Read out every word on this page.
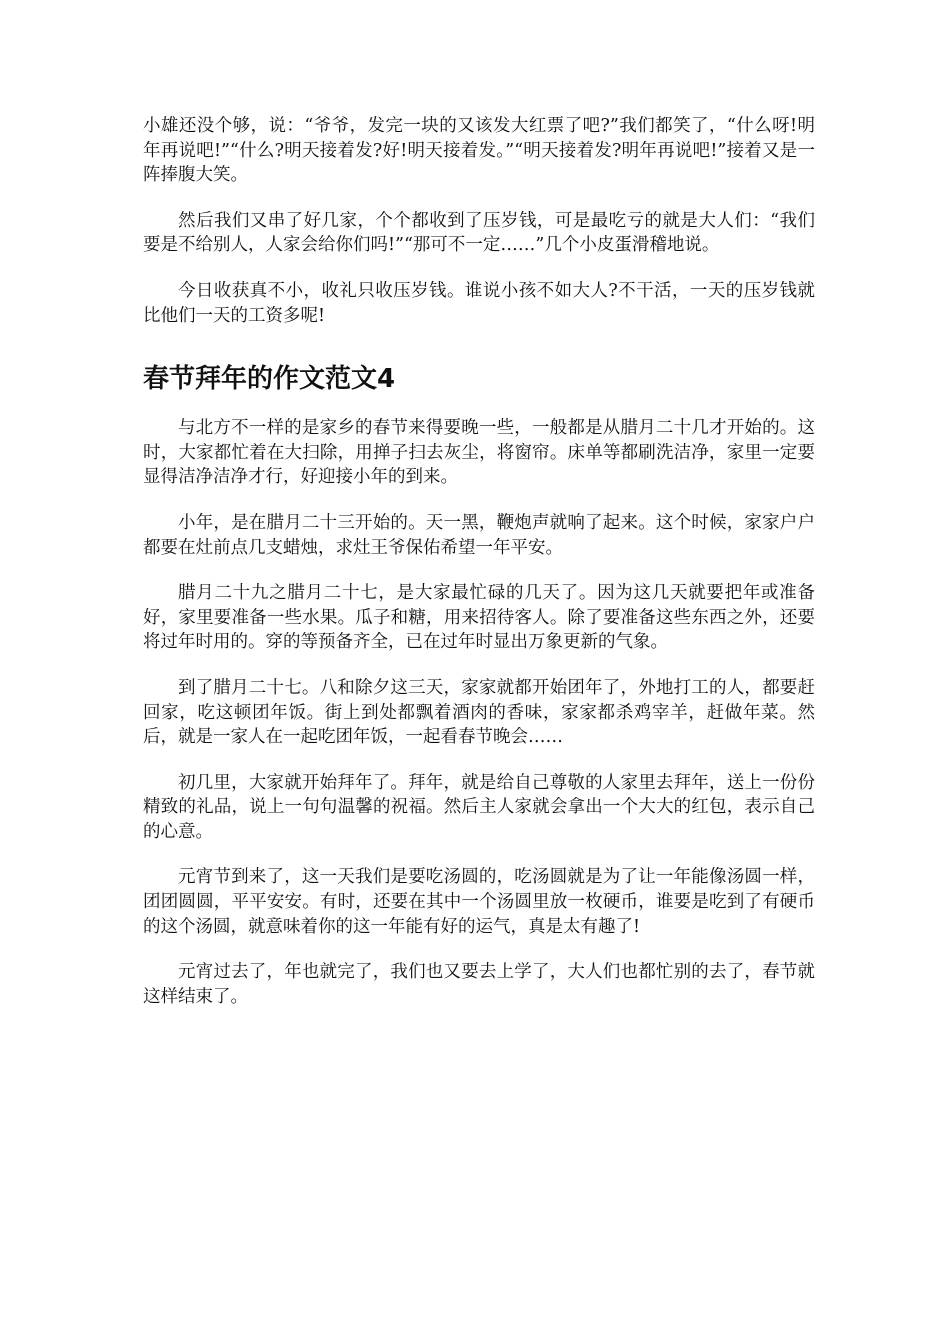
小雄还没个够，说：“爷爷，发完一块的又该发大红票了吧?”我们都笑了，“什么呀!明年再说吧!”“什么?明天接着发?好!明天接着发。”“明天接着发?明年再说吧!”接着又是一阵捧腹大笑。

然后我们又串了好几家，个个都收到了压岁钱，可是最吃亏的就是大人们：“我们要是不给别人，人家会给你们吗!”“那可不一定……”几个小皮蛋滑稽地说。

今日收获真不小，收礼只收压岁钱。谁说小孩不如大人?不干活，一天的压岁钱就比他们一天的工资多呢!

春节拜年的作文范文4

与北方不一样的是家乡的春节来得要晚一些，一般都是从腊月二十几才开始的。这时，大家都忙着在大扫除，用掸子扫去灰尘，将窗帘。床单等都刷洗洁净，家里一定要显得洁净洁净才行，好迎接小年的到来。

小年，是在腊月二十三开始的。天一黑，鞭炮声就响了起来。这个时候，家家户户都要在灶前点几支蜡烛，求灶王爷保佑希望一年平安。

腊月二十九之腊月二十七，是大家最忙碌的几天了。因为这几天就要把年或准备好，家里要准备一些水果。瓜子和糖，用来招待客人。除了要准备这些东西之外，还要将过年时用的。穿的等预备齐全，已在过年时显出万象更新的气象。

到了腊月二十七。八和除夕这三天，家家就都开始团年了，外地打工的人，都要赶回家，吃这顿团年饭。街上到处都飘着酒肉的香味，家家都杀鸡宰羊，赶做年菜。然后，就是一家人在一起吃团年饭，一起看春节晚会……

初几里，大家就开始拜年了。拜年，就是给自己尊敬的人家里去拜年，送上一份份精致的礼品，说上一句句温馨的祝福。然后主人家就会拿出一个大大的红包，表示自己的心意。

元宵节到来了，这一天我们是要吃汤圆的，吃汤圆就是为了让一年能像汤圆一样，团团圆圆，平平安安。有时，还要在其中一个汤圆里放一枚硬币，谁要是吃到了有硬币的这个汤圆，就意味着你的这一年能有好的运气，真是太有趣了!

元宵过去了，年也就完了，我们也又要去上学了，大人们也都忙别的去了，春节就这样结束了。
